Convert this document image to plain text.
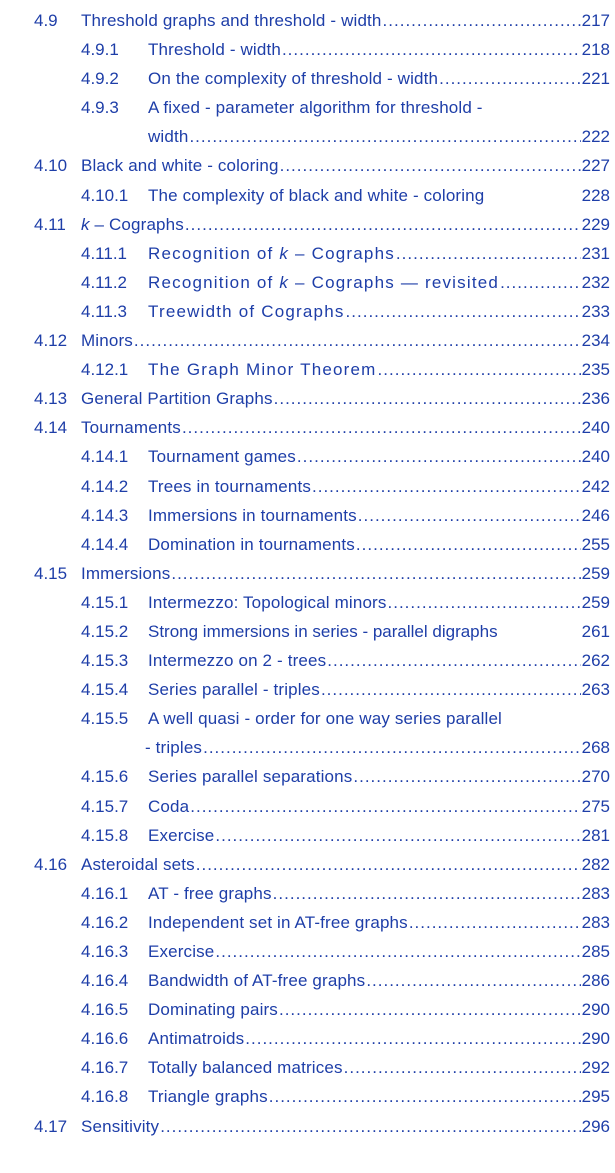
4.9 Threshold graphs and threshold - width .....	217
4.9.1 Threshold - width .....	218
4.9.2 On the complexity of threshold - width .....	221
4.9.3 A fixed - parameter algorithm for threshold -
width .....	222
4.10 Black and white - coloring .....	227
4.10.1 The complexity of black and white - coloring	228
4.11 k – Cographs .....	229
4.11.1 Recognition of k – Cographs .....	231
4.11.2 Recognition of k – Cographs — revisited .....	232
4.11.3 Treewidth of Cographs .....	233
4.12 Minors .....	234
4.12.1 The Graph Minor Theorem .....	235
4.13 General Partition Graphs .....	236
4.14 Tournaments .....	240
4.14.1 Tournament games .....	240
4.14.2 Trees in tournaments .....	242
4.14.3 Immersions in tournaments .....	246
4.14.4 Domination in tournaments .....	255
4.15 Immersions .....	259
4.15.1 Intermezzo: Topological minors .....	259
4.15.2 Strong immersions in series - parallel digraphs	261
4.15.3 Intermezzo on 2 - trees .....	262
4.15.4 Series parallel - triples .....	263
4.15.5 A well quasi - order for one way series parallel
- triples .....	268
4.15.6 Series parallel separations .....	270
4.15.7 Coda .....	275
4.15.8 Exercise .....	281
4.16 Asteroidal sets .....	282
4.16.1 AT - free graphs .....	283
4.16.2 Independent set in AT-free graphs .....	283
4.16.3 Exercise .....	285
4.16.4 Bandwidth of AT-free graphs .....	286
4.16.5 Dominating pairs .....	290
4.16.6 Antimatroids .....	290
4.16.7 Totally balanced matrices .....	292
4.16.8 Triangle graphs .....	295
4.17 Sensitivity .....	296
